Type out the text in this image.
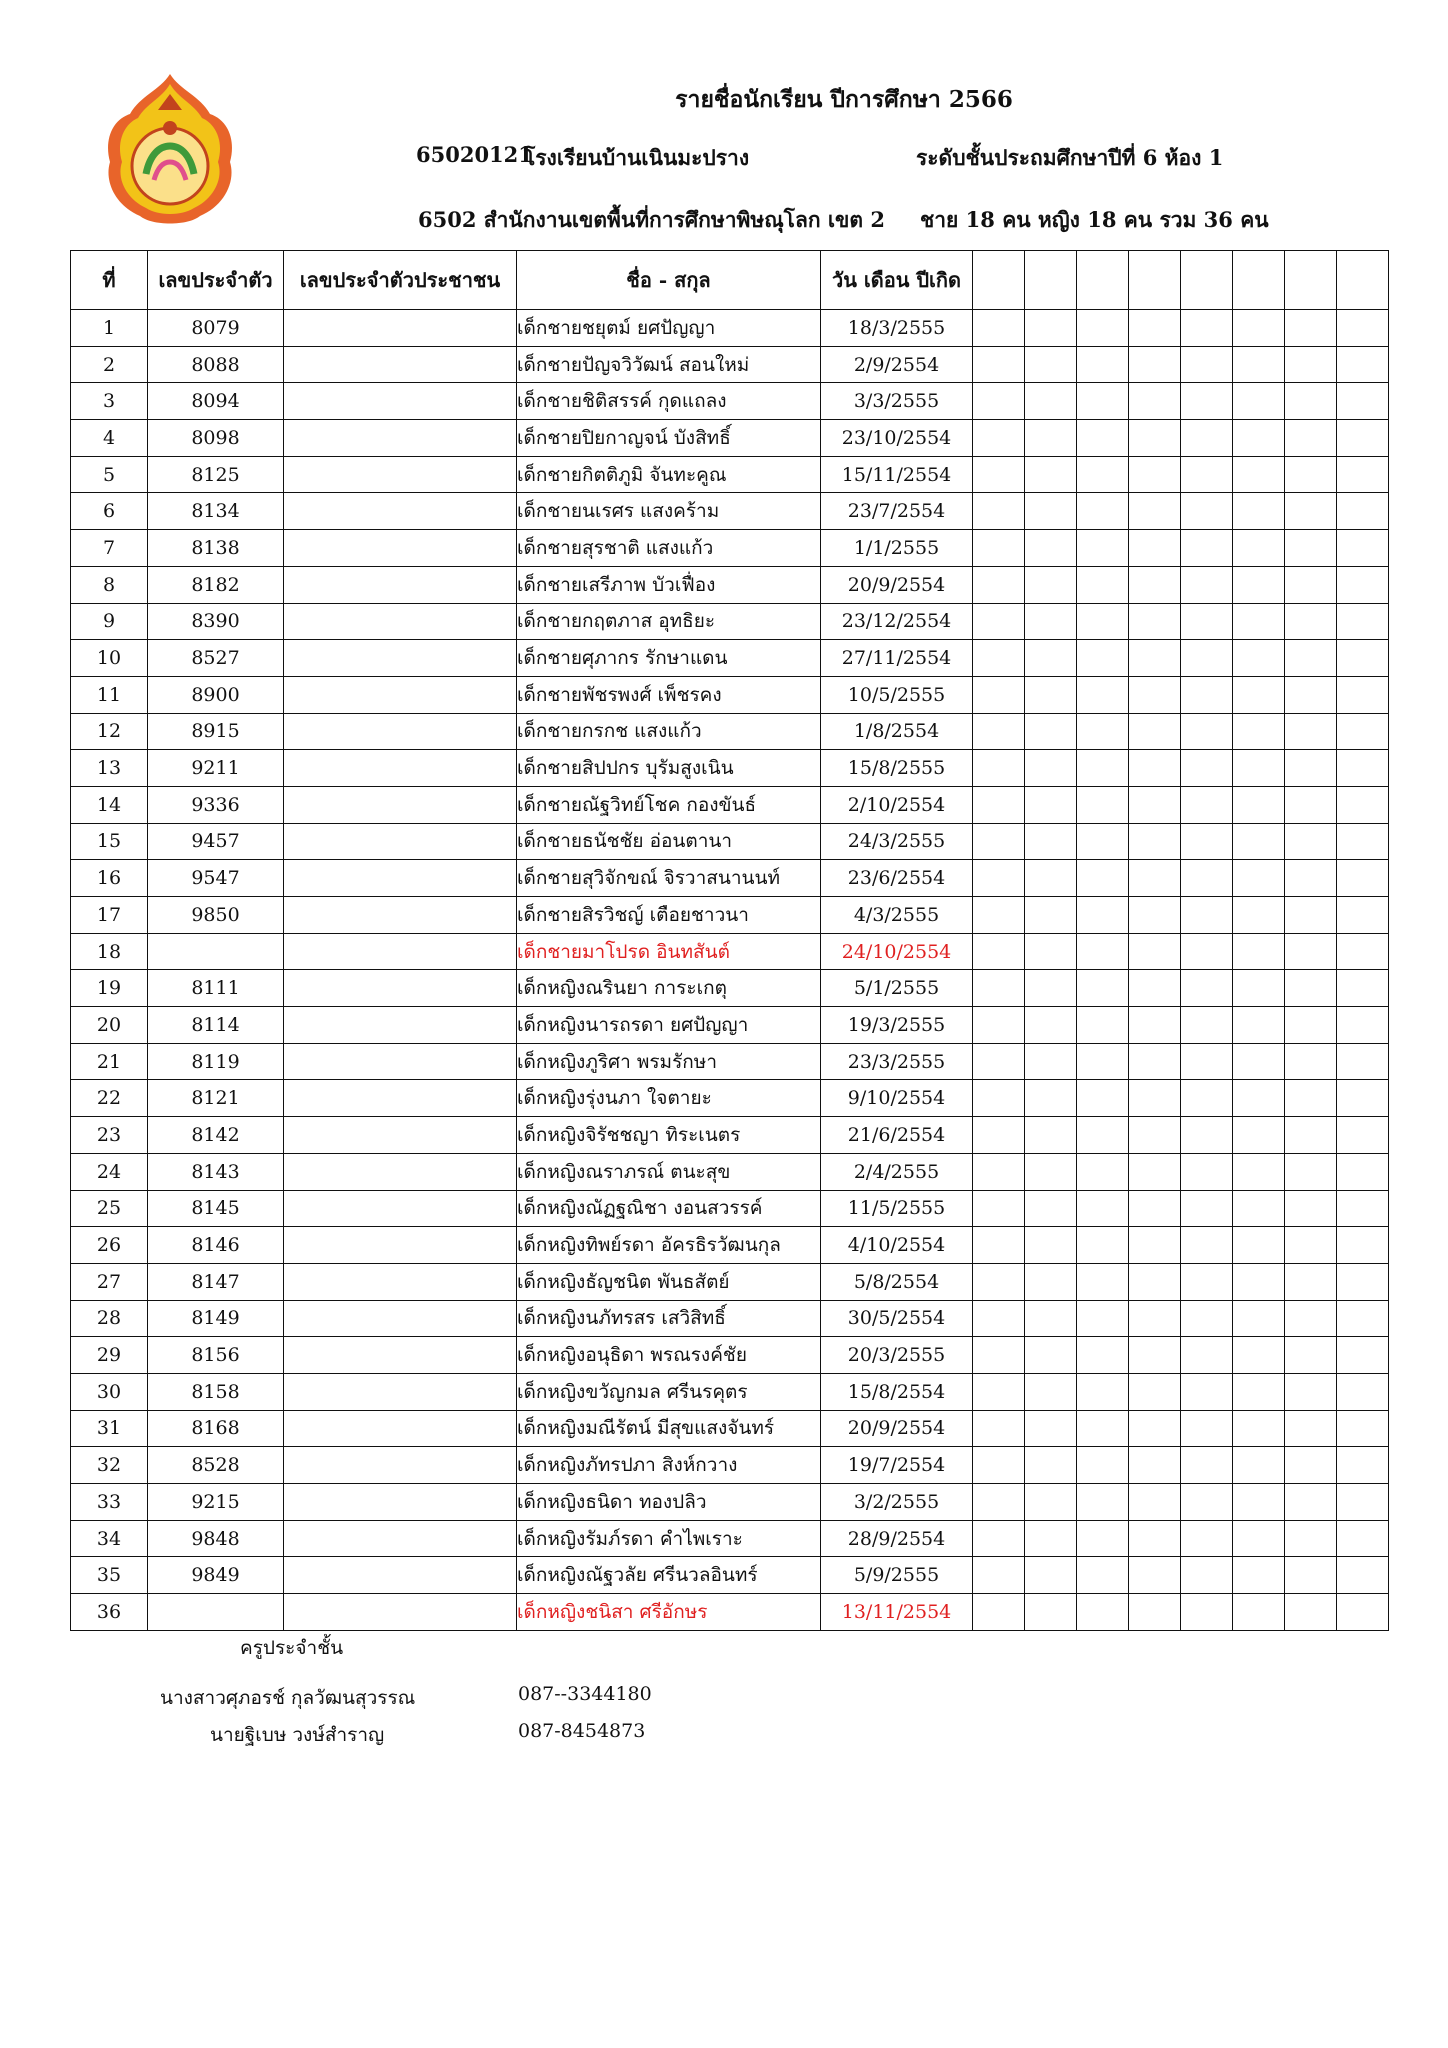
รายชื่อนักเรียน ปีการศึกษา 2566
65020121
โรงเรียนบ้านเนินมะปราง	ระดับชั้นประถมศึกษาปีที่ 6 ห้อง 1
6502 สำนักงานเขตพื้นที่การศึกษาพิษณุโลก เขต 2 ชาย 18 คน หญิง 18 คน รวม 36 คน
ที่	เลขประจำตัว	เลขประจำตัวประชาชน	ชื่อ - สกุล	วัน เดือน ปีเกิด								
1	8079		เด็กชายชยุตม์ ยศปัญญา	18/3/2555								
2	8088		เด็กชายปัญจวิวัฒน์ สอนใหม่	2/9/2554								
3	8094		เด็กชายชิติสรรค์ กุดแถลง	3/3/2555								
4	8098		เด็กชายปิยกาญจน์ บังสิทธิ์	23/10/2554								
5	8125		เด็กชายกิตติภูมิ จันทะคูณ	15/11/2554								
6	8134		เด็กชายนเรศร แสงคร้าม	23/7/2554								
7	8138		เด็กชายสุรชาติ แสงแก้ว	1/1/2555								
8	8182		เด็กชายเสรีภาพ บัวเฟื่อง	20/9/2554								
9	8390		เด็กชายกฤตภาส อุทธิยะ	23/12/2554								
10	8527		เด็กชายศุภากร รักษาแดน	27/11/2554								
11	8900		เด็กชายพัชรพงศ์ เพ็ชรคง	10/5/2555								
12	8915		เด็กชายกรกช แสงแก้ว	1/8/2554								
13	9211		เด็กชายสิปปกร บุรัมสูงเนิน	15/8/2555								
14	9336		เด็กชายณัฐวิทย์โชค กองขันธ์	2/10/2554								
15	9457		เด็กชายธนัชชัย อ่อนตานา	24/3/2555								
16	9547		เด็กชายสุวิจักขณ์ จิรวาสนานนท์	23/6/2554								
17	9850		เด็กชายสิรวิชญ์ เตือยชาวนา	4/3/2555								
18			เด็กชายมาโปรด อินทสันต์	24/10/2554								
19	8111		เด็กหญิงณรินยา การะเกตุ	5/1/2555								
20	8114		เด็กหญิงนารถรดา ยศปัญญา	19/3/2555								
21	8119		เด็กหญิงภูริศา พรมรักษา	23/3/2555								
22	8121		เด็กหญิงรุ่งนภา ใจตายะ	9/10/2554								
23	8142		เด็กหญิงจิรัชชญา ทิระเนตร	21/6/2554								
24	8143		เด็กหญิงณราภรณ์ ตนะสุข	2/4/2555								
25	8145		เด็กหญิงณัฏฐณิชา งอนสวรรค์	11/5/2555								
26	8146		เด็กหญิงทิพย์รดา อัครธิรวัฒนกุล	4/10/2554								
27	8147		เด็กหญิงธัญชนิต พันธสัตย์	5/8/2554								
28	8149		เด็กหญิงนภัทรสร เสวิสิทธิ์	30/5/2554								
29	8156		เด็กหญิงอนุธิดา พรณรงค์ชัย	20/3/2555								
30	8158		เด็กหญิงขวัญกมล ศรีนรคุตร	15/8/2554								
31	8168		เด็กหญิงมณีรัตน์ มีสุขแสงจันทร์	20/9/2554								
32	8528		เด็กหญิงภัทรปภา สิงห์กวาง	19/7/2554								
33	9215		เด็กหญิงธนิดา ทองปลิว	3/2/2555								
34	9848		เด็กหญิงรัมภ์รดา คำไพเราะ	28/9/2554								
35	9849		เด็กหญิงณัฐวลัย ศรีนวลอินทร์	5/9/2555								
36			เด็กหญิงชนิสา ศรีอักษร	13/11/2554								
ครูประจำชั้น
นางสาวศุภอรช์ กุลวัฒนสุวรรณ	087--3344180
นายฐิเบษ วงษ์สำราญ	087-8454873
